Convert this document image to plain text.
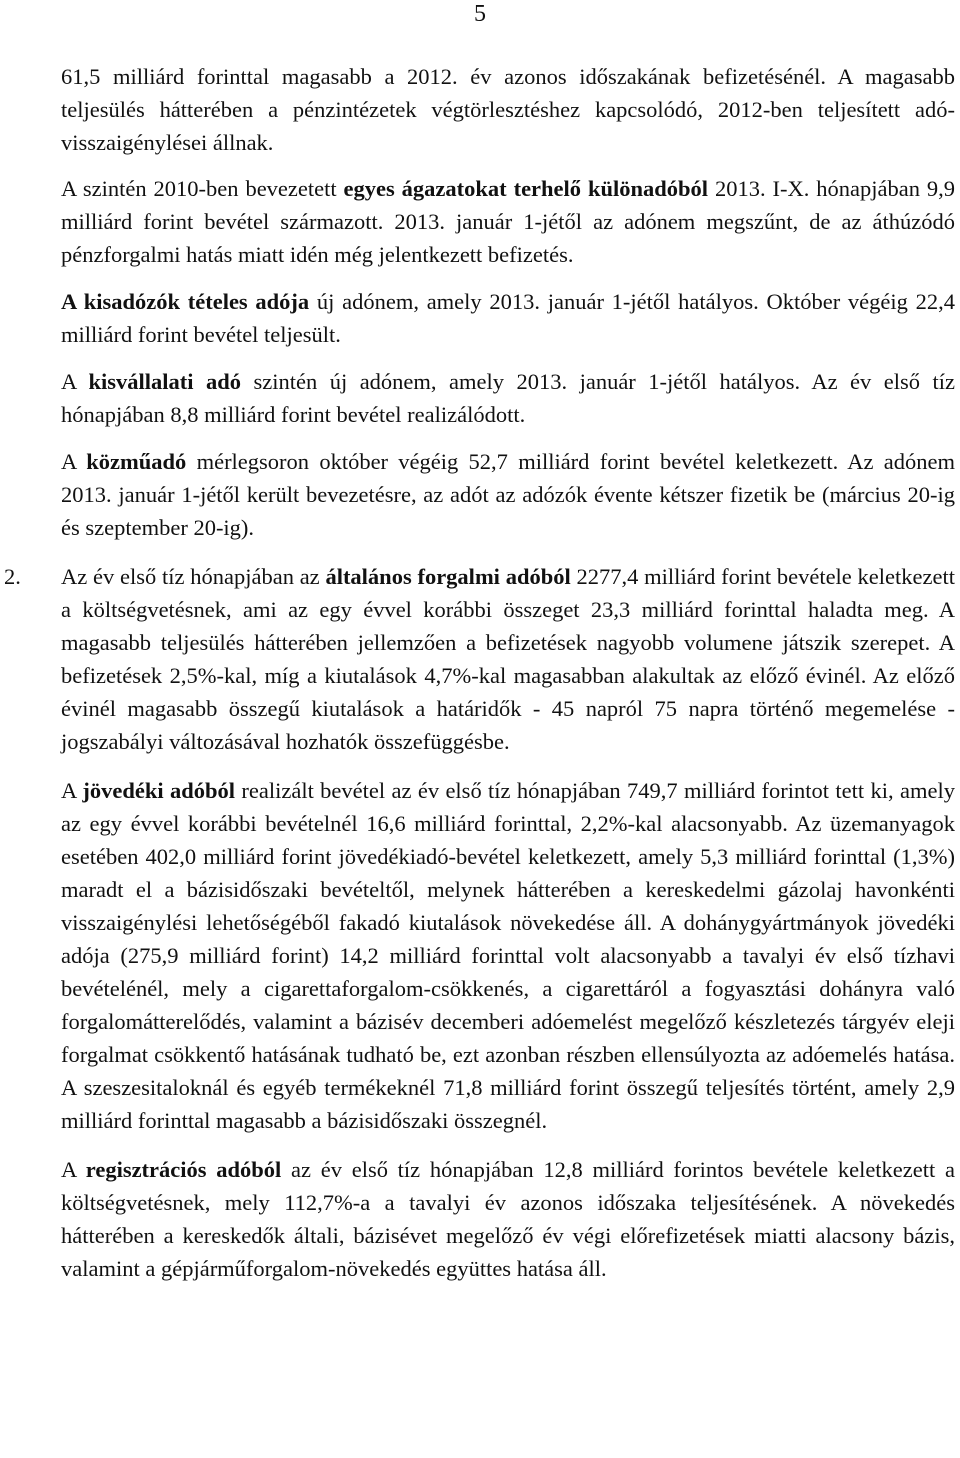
5

61,5 milliárd forinttal magasabb a 2012. év azonos időszakának befizetésénél. A magasabb teljesülés hátterében a pénzintézetek végtörlesztéshez kapcsolódó, 2012-ben teljesített adó-visszaigénylései állnak.

A szintén 2010-ben bevezetett egyes ágazatokat terhelő különadóból 2013. I-X. hónapjában 9,9 milliárd forint bevétel származott. 2013. január 1-jétől az adónem megszűnt, de az áthúzódó pénzforgalmi hatás miatt idén még jelentkezett befizetés.

A kisadózók tételes adója új adónem, amely 2013. január 1-jétől hatályos. Október végéig 22,4 milliárd forint bevétel teljesült.

A kisvállalati adó szintén új adónem, amely 2013. január 1-jétől hatályos. Az év első tíz hónapjában 8,8 milliárd forint bevétel realizálódott.

A közműadó mérlegsoron október végéig 52,7 milliárd forint bevétel keletkezett. Az adónem 2013. január 1-jétől került bevezetésre, az adót az adózók évente kétszer fizetik be (március 20-ig és szeptember 20-ig).

2. Az év első tíz hónapjában az általános forgalmi adóból 2277,4 milliárd forint bevétele keletkezett a költségvetésnek, ami az egy évvel korábbi összeget 23,3 milliárd forinttal haladta meg. A magasabb teljesülés hátterében jellemzően a befizetések nagyobb volumene játszik szerepet. A befizetések 2,5%-kal, míg a kiutalások 4,7%-kal magasabban alakultak az előző évinél. Az előző évinél magasabb összegű kiutalások a határidők - 45 napról 75 napra történő megemelése - jogszabályi változásával hozhatók összefüggésbe.

A jövedéki adóból realizált bevétel az év első tíz hónapjában 749,7 milliárd forintot tett ki, amely az egy évvel korábbi bevételnél 16,6 milliárd forinttal, 2,2%-kal alacsonyabb. Az üzemanyagok esetében 402,0 milliárd forint jövedékiadó-bevétel keletkezett, amely 5,3 milliárd forinttal (1,3%) maradt el a bázisidőszaki bevételtől, melynek hátterében a kereskedelmi gázolaj havonkénti visszaigénylési lehetőségéből fakadó kiutalások növekedése áll. A dohánygyártmányok jövedéki adója (275,9 milliárd forint) 14,2 milliárd forinttal volt alacsonyabb a tavalyi év első tízhavi bevételénél, mely a cigarettaforgalom-csökkenés, a cigarettáról a fogyasztási dohányra való forgalomátterelődés, valamint a bázisév decemberi adóemelést megelőző készletezés tárgyév eleji forgalmat csökkentő hatásának tudható be, ezt azonban részben ellensúlyozta az adóemelés hatása. A szeszesitaloknál és egyéb termékeknél 71,8 milliárd forint összegű teljesítés történt, amely 2,9 milliárd forinttal magasabb a bázisidőszaki összegnél.

A regisztrációs adóból az év első tíz hónapjában 12,8 milliárd forintos bevétele keletkezett a költségvetésnek, mely 112,7%-a a tavalyi év azonos időszaka teljesítésének. A növekedés hátterében a kereskedők általi, bázisévet megelőző év végi előrefizetések miatti alacsony bázis, valamint a gépjárműforgalom-növekedés együttes hatása áll.
